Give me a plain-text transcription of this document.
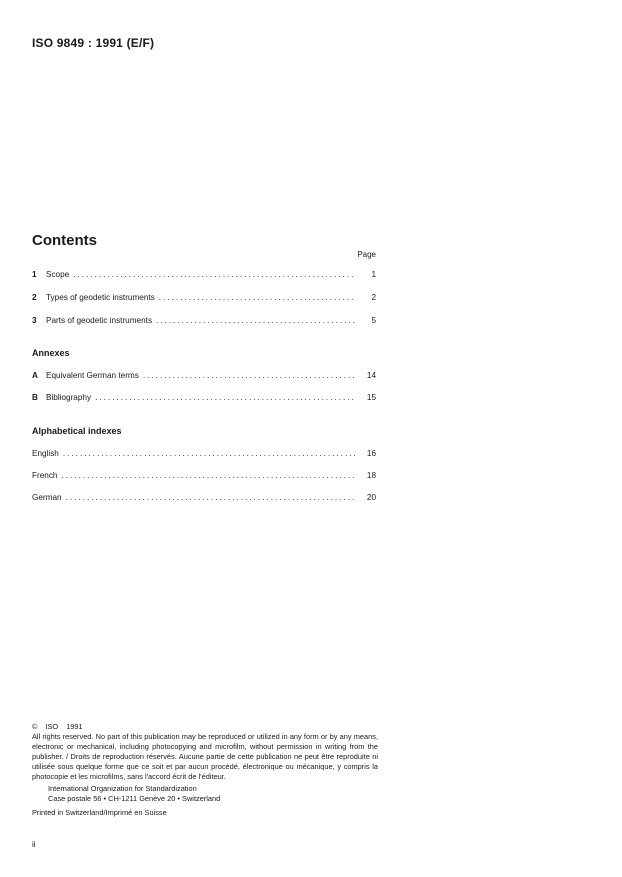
ISO 9849 : 1991 (E/F)
Contents
Page
1	Scope .....	1
2	Types of geodetic instruments .....	2
3	Parts of geodetic instruments .....	5
Annexes
A Equivalent German terms .....	14
B Bibliography .....	15
Alphabetical indexes
English .....	16
French .....	18
German .....	20
© ISO 1991
All rights reserved. No part of this publication may be reproduced or utilized in any form or by any means, electronic or mechanical, including photocopying and microfilm, without permission in writing from the publisher. / Droits de reproduction réservés. Aucune partie de cette publication ne peut être reproduite ni utilisée sous quelque forme que ce soit et par aucun procédé, électronique ou mécanique, y compris la photocopie et les microfilms, sans l'accord écrit de l'éditeur.
International Organization for Standardization
Case postale 56 • CH-1211 Genève 20 • Switzerland
Printed in Switzerland/Imprimé en Suisse
ii
